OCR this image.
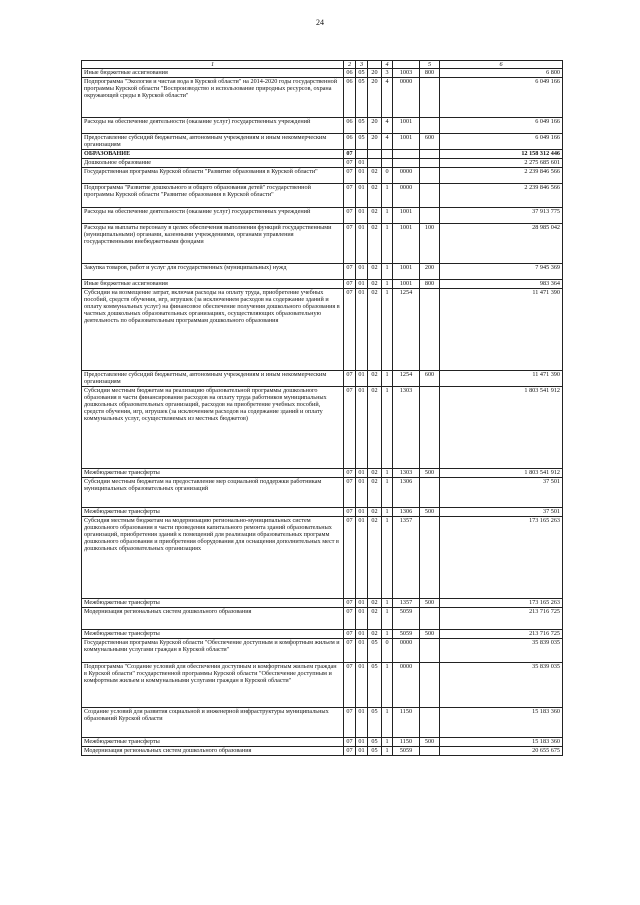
24
1	2	3		4		5	6
Иные бюджетные ассигнования	06	05	20	3	1003	800	6 800
Подпрограмма "Экология и чистая вода в Курской области" на 2014-2020 годы государственной программы Курской области "Воспроизводство и использование природных ресурсов, охрана окружающей среды в Курской области"	06	05	20	4	0000		6 049 166
Расходы на обеспечение деятельности (оказание услуг) государственных учреждений	06	05	20	4	1001		6 049 166
Предоставление субсидий бюджетным, автономным учреждениям и иным некоммерческим организациям	06	05	20	4	1001	600	6 049 166
ОБРАЗОВАНИЕ	07						12 158 312 446
Дошкольное образование	07	01					2 275 685 601
Государственная программа Курской области "Развитие образования в Курской области"	07	01	02	0	0000		2 239 846 566
Подпрограмма "Развитие дошкольного и общего образования детей" государственной программы Курской области "Развитие образования в Курской области"	07	01	02	1	0000		2 239 846 566
Расходы на обеспечение деятельности (оказание услуг) государственных учреждений	07	01	02	1	1001		37 913 775
Расходы на выплаты персоналу в целях обеспечения выполнения функций государственными (муниципальными) органами, казенными учреждениями, органами управления государственными внебюджетными фондами	07	01	02	1	1001	100	28 985 042
Закупка товаров, работ и услуг для государственных (муниципальных) нужд	07	01	02	1	1001	200	7 945 369
Иные бюджетные ассигнования	07	01	02	1	1001	800	983 364
Субсидии на возмещение затрат, включая расходы на оплату труда, приобретение учебных пособий, средств обучения, игр, игрушек (за исключением расходов на содержание зданий и оплату коммунальных услуг) на финансовое обеспечение получения дошкольного образования в частных дошкольных образовательных организациях, осуществляющих образовательную деятельность по образовательным программам дошкольного образования	07	01	02	1	1254		11 471 390
Предоставление субсидий бюджетным, автономным учреждениям и иным некоммерческим организациям	07	01	02	1	1254	600	11 471 390
Субсидии местным бюджетам на реализацию образовательной программы дошкольного образования в части финансирования расходов на оплату труда работников муниципальных дошкольных образовательных организаций, расходов на приобретение учебных пособий, средств обучения, игр, игрушек (за исключением расходов на содержание зданий и оплату коммунальных услуг, осуществляемых из местных бюджетов)	07	01	02	1	1303		1 803 541 912
Межбюджетные трансферты	07	01	02	1	1303	500	1 803 541 912
Субсидии местным бюджетам на предоставление мер социальной поддержки работникам муниципальных образовательных организаций	07	01	02	1	1306		37 501
Межбюджетные трансферты	07	01	02	1	1306	500	37 501
Субсидия местным бюджетам на модернизацию регионально-муниципальных систем дошкольного образования в части проведения капитального ремонта зданий образовательных организаций, приобретения зданий к помещений для реализации образовательных программ дошкольного образования и приобретения оборудования для оснащения дополнительных мест в дошкольных образовательных организациях	07	01	02	1	1357		173 165 263
Межбюджетные трансферты	07	01	02	1	1357	500	173 165 263
Модернизация региональных систем дошкольного образования	07	01	02	1	5059		213 716 725
Межбюджетные трансферты	07	01	02	1	5059	500	213 716 725
Государственная программа Курской области "Обеспечение доступным и комфортным жильем и коммунальными услугами граждан в Курской области"	07	01	05	0	0000		35 839 035
Подпрограмма "Создание условий для обеспечения доступным и комфортным жильем граждан в Курской области" государственной программы Курской области "Обеспечение доступным и комфортным жильем и коммунальными услугами граждан в Курской области"	07	01	05	1	0000		35 839 035
Создание условий для развития социальной и инженерной инфраструктуры муниципальных образований Курской области	07	01	05	1	1150		15 183 360
Межбюджетные трансферты	07	01	05	1	1150	500	15 183 360
Модернизация региональных систем дошкольного образования	07	01	05	1	5059		20 655 675
